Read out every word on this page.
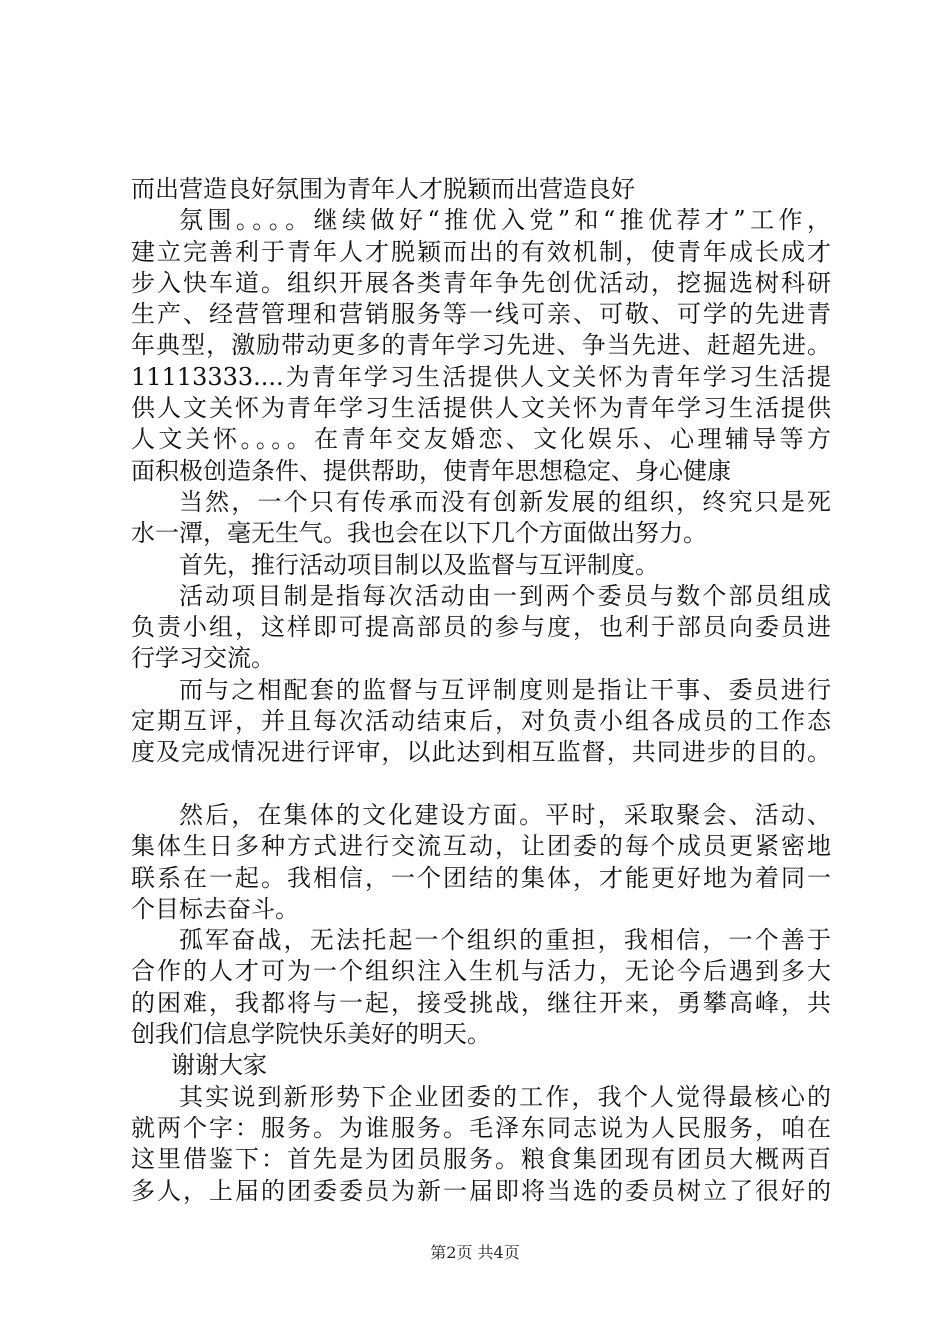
而出营造良好氛围为青年人才脱颖而出营造良好
氛围。。。。继续做好“推优入党”和“推优荐才”工作，
建立完善利于青年人才脱颖而出的有效机制，使青年成长成才
步入快车道。组织开展各类青年争先创优活动，挖掘选树科研
生产、经营管理和营销服务等一线可亲、可敬、可学的先进青
年典型，激励带动更多的青年学习先进、争当先进、赶超先进。
11113333....为青年学习生活提供人文关怀为青年学习生活提
供人文关怀为青年学习生活提供人文关怀为青年学习生活提供
人文关怀。。。。在青年交友婚恋、文化娱乐、心理辅导等方
面积极创造条件、提供帮助，使青年思想稳定、身心健康
当然，一个只有传承而没有创新发展的组织，终究只是死
水一潭，毫无生气。我也会在以下几个方面做出努力。
首先，推行活动项目制以及监督与互评制度。
活动项目制是指每次活动由一到两个委员与数个部员组成
负责小组，这样即可提高部员的参与度，也利于部员向委员进
行学习交流。
而与之相配套的监督与互评制度则是指让干事、委员进行
定期互评，并且每次活动结束后，对负责小组各成员的工作态
度及完成情况进行评审，以此达到相互监督，共同进步的目的。
然后，在集体的文化建设方面。平时，采取聚会、活动、
集体生日多种方式进行交流互动，让团委的每个成员更紧密地
联系在一起。我相信，一个团结的集体，才能更好地为着同一
个目标去奋斗。
孤军奋战，无法托起一个组织的重担，我相信，一个善于
合作的人才可为一个组织注入生机与活力，无论今后遇到多大
的困难，我都将与一起，接受挑战，继往开来，勇攀高峰，共
创我们信息学院快乐美好的明天。
谢谢大家
其实说到新形势下企业团委的工作，我个人觉得最核心的
就两个字：服务。为谁服务。毛泽东同志说为人民服务，咱在
这里借鉴下：首先是为团员服务。粮食集团现有团员大概两百
多人，上届的团委委员为新一届即将当选的委员树立了很好的
第2页 共4页
